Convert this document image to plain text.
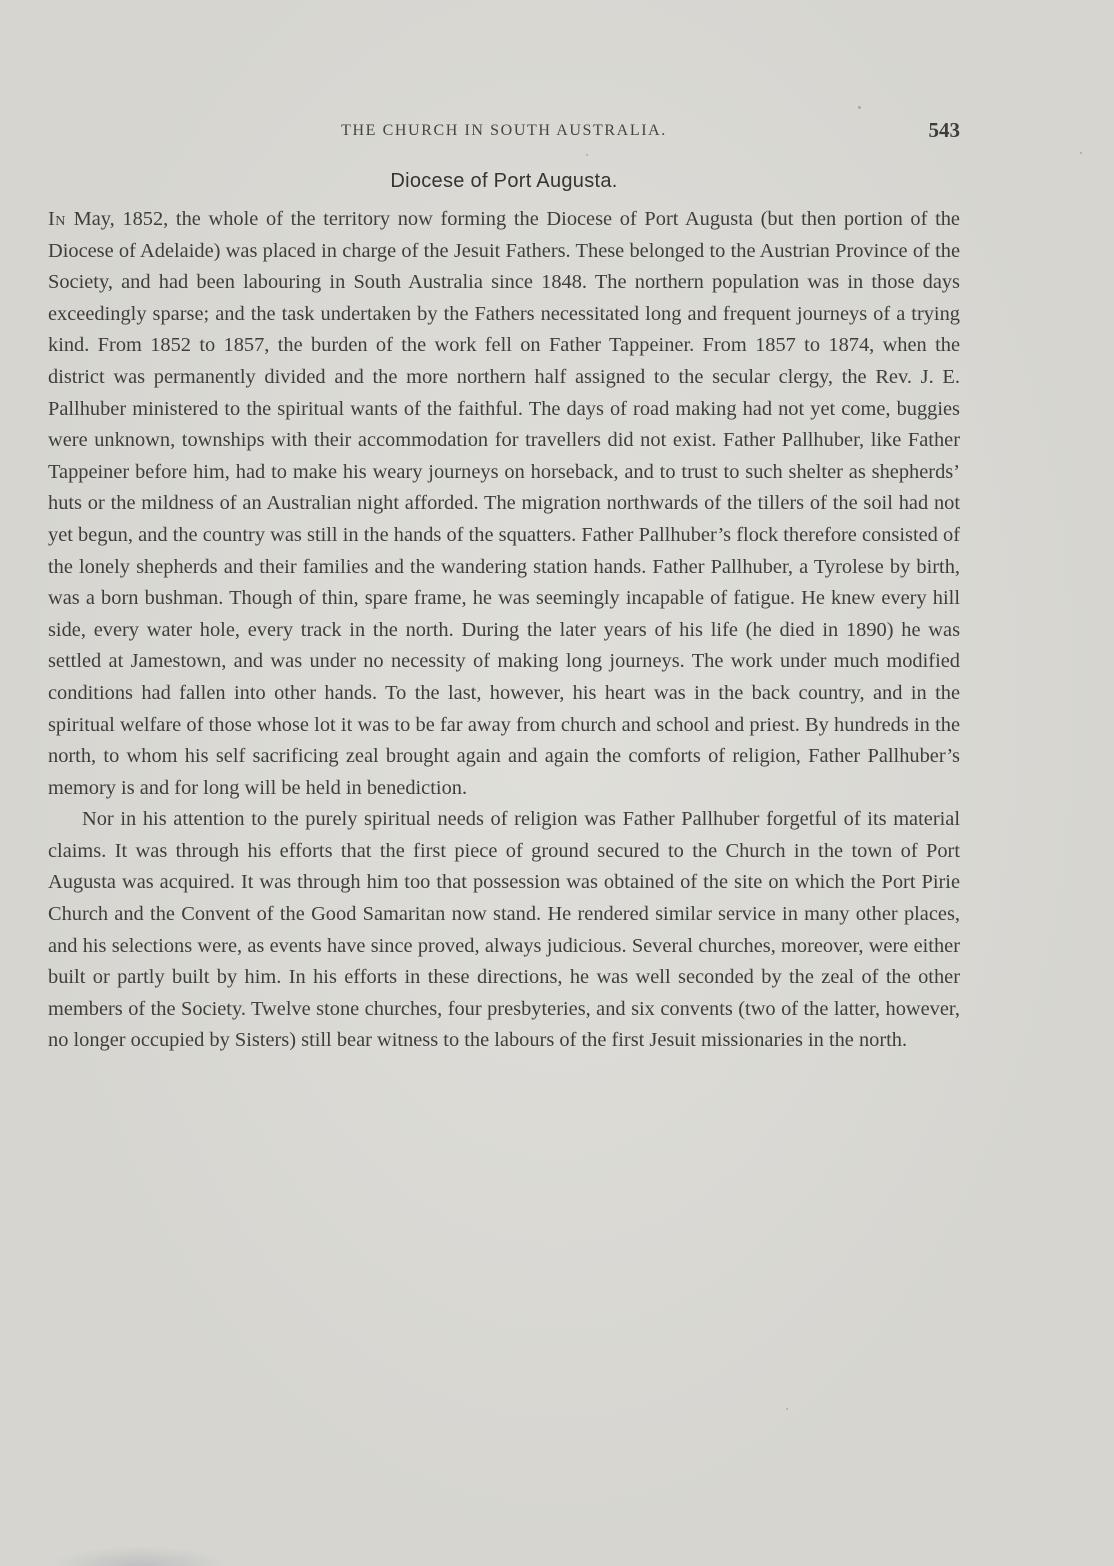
THE CHURCH IN SOUTH AUSTRALIA.	543
Diocese of Port Augusta.

In May, 1852, the whole of the territory now forming the Diocese of Port Augusta (but then portion of the Diocese of Adelaide) was placed in charge of the Jesuit Fathers. These belonged to the Austrian Province of the Society, and had been labouring in South Australia since 1848. The northern population was in those days exceedingly sparse; and the task undertaken by the Fathers necessitated long and frequent journeys of a trying kind. From 1852 to 1857, the burden of the work fell on Father Tappeiner. From 1857 to 1874, when the district was permanently divided and the more northern half assigned to the secular clergy, the Rev. J. E. Pallhuber ministered to the spiritual wants of the faithful. The days of road making had not yet come, buggies were unknown, townships with their accommodation for travellers did not exist. Father Pallhuber, like Father Tappeiner before him, had to make his weary journeys on horseback, and to trust to such shelter as shepherds’ huts or the mildness of an Australian night afforded. The migration northwards of the tillers of the soil had not yet begun, and the country was still in the hands of the squatters. Father Pallhuber’s flock therefore consisted of the lonely shepherds and their families and the wandering station hands. Father Pallhuber, a Tyrolese by birth, was a born bushman. Though of thin, spare frame, he was seemingly incapable of fatigue. He knew every hill side, every water hole, every track in the north. During the later years of his life (he died in 1890) he was settled at Jamestown, and was under no necessity of making long journeys. The work under much modified conditions had fallen into other hands. To the last, however, his heart was in the back country, and in the spiritual welfare of those whose lot it was to be far away from church and school and priest. By hundreds in the north, to whom his self sacrificing zeal brought again and again the comforts of religion, Father Pallhuber’s memory is and for long will be held in benediction.

Nor in his attention to the purely spiritual needs of religion was Father Pallhuber forgetful of its material claims. It was through his efforts that the first piece of ground secured to the Church in the town of Port Augusta was acquired. It was through him too that possession was obtained of the site on which the Port Pirie Church and the Convent of the Good Samaritan now stand. He rendered similar service in many other places, and his selections were, as events have since proved, always judicious. Several churches, moreover, were either built or partly built by him. In his efforts in these directions, he was well seconded by the zeal of the other members of the Society. Twelve stone churches, four presbyteries, and six convents (two of the latter, however, no longer occupied by Sisters) still bear witness to the labours of the first Jesuit missionaries in the north.
